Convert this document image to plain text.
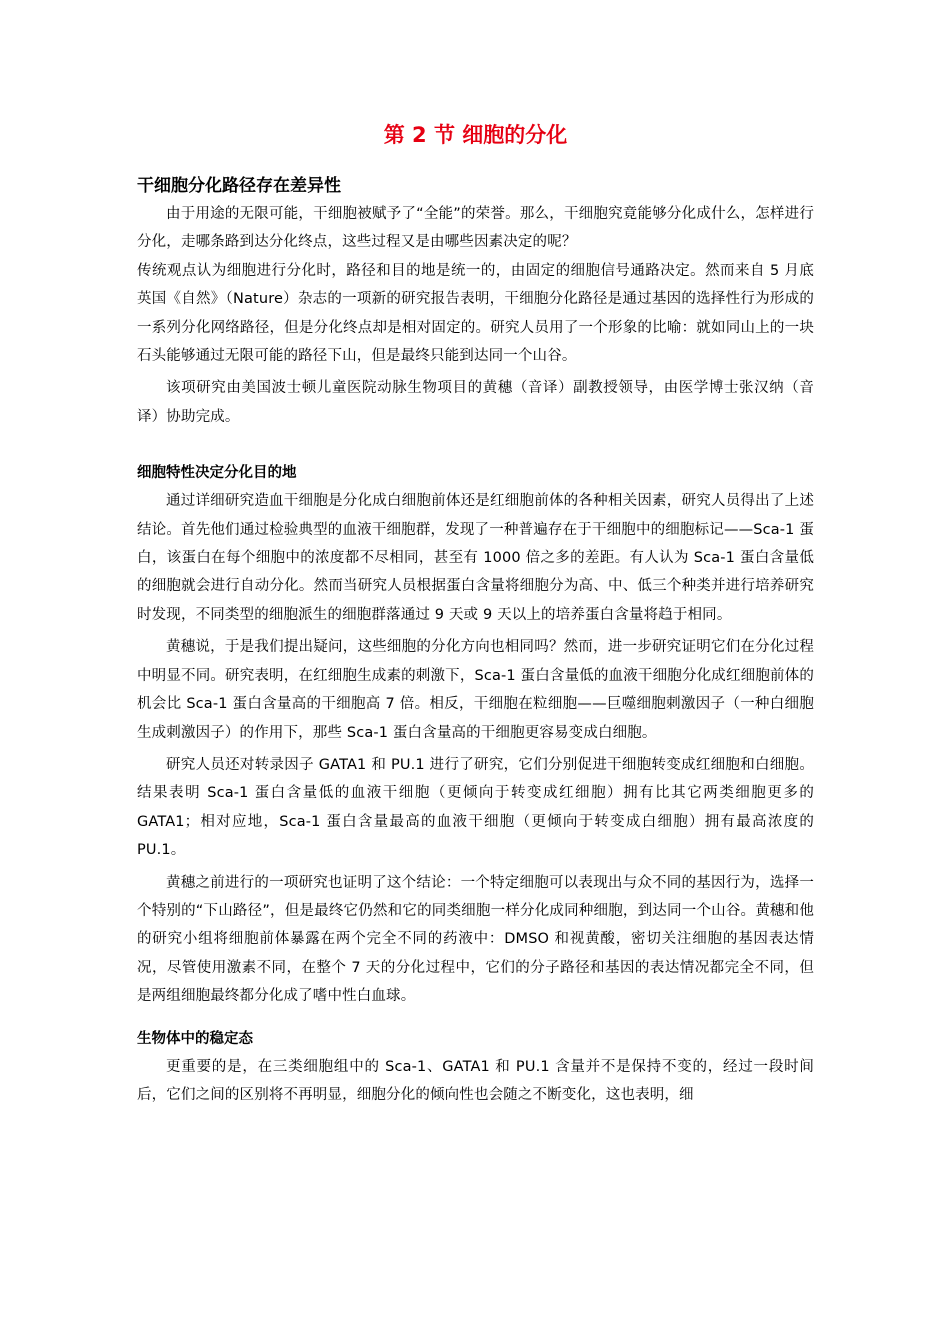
第 2 节 细胞的分化
干细胞分化路径存在差异性

由于用途的无限可能，干细胞被赋予了“全能”的荣誉。那么，干细胞究竟能够分化成什么，怎样进行分化，走哪条路到达分化终点，这些过程又是由哪些因素决定的呢？

传统观点认为细胞进行分化时，路径和目的地是统一的，由固定的细胞信号通路决定。然而来自 5 月底英国《自然》（Nature）杂志的一项新的研究报告表明，干细胞分化路径是通过基因的选择性行为形成的一系列分化网络路径，但是分化终点却是相对固定的。研究人员用了一个形象的比喻：就如同山上的一块石头能够通过无限可能的路径下山，但是最终只能到达同一个山谷。

该项研究由美国波士顿儿童医院动脉生物项目的黄穗（音译）副教授领导，由医学博士张汉纳（音译）协助完成。

细胞特性决定分化目的地

通过详细研究造血干细胞是分化成白细胞前体还是红细胞前体的各种相关因素，研究人员得出了上述结论。首先他们通过检验典型的血液干细胞群，发现了一种普遍存在于干细胞中的细胞标记——Sca-1 蛋白，该蛋白在每个细胞中的浓度都不尽相同，甚至有 1000 倍之多的差距。有人认为 Sca-1 蛋白含量低的细胞就会进行自动分化。然而当研究人员根据蛋白含量将细胞分为高、中、低三个种类并进行培养研究时发现，不同类型的细胞派生的细胞群落通过 9 天或 9 天以上的培养蛋白含量将趋于相同。

黄穗说，于是我们提出疑问，这些细胞的分化方向也相同吗？然而，进一步研究证明它们在分化过程中明显不同。研究表明，在红细胞生成素的刺激下，Sca-1 蛋白含量低的血液干细胞分化成红细胞前体的机会比 Sca-1 蛋白含量高的干细胞高 7 倍。相反，干细胞在粒细胞——巨噬细胞刺激因子（一种白细胞生成刺激因子）的作用下，那些 Sca-1 蛋白含量高的干细胞更容易变成白细胞。

研究人员还对转录因子 GATA1 和 PU.1 进行了研究，它们分别促进干细胞转变成红细胞和白细胞。结果表明 Sca-1 蛋白含量低的血液干细胞（更倾向于转变成红细胞）拥有比其它两类细胞更多的 GATA1；相对应地，Sca-1 蛋白含量最高的血液干细胞（更倾向于转变成白细胞）拥有最高浓度的 PU.1。

黄穗之前进行的一项研究也证明了这个结论：一个特定细胞可以表现出与众不同的基因行为，选择一个特别的“下山路径”，但是最终它仍然和它的同类细胞一样分化成同种细胞，到达同一个山谷。黄穗和他的研究小组将细胞前体暴露在两个完全不同的药液中：DMSO 和视黄酸，密切关注细胞的基因表达情况，尽管使用激素不同，在整个 7 天的分化过程中，它们的分子路径和基因的表达情况都完全不同，但是两组细胞最终都分化成了嗜中性白血球。

生物体中的稳定态

更重要的是，在三类细胞组中的 Sca-1、GATA1 和 PU.1 含量并不是保持不变的，经过一段时间后，它们之间的区别将不再明显，细胞分化的倾向性也会随之不断变化，这也表明，细
